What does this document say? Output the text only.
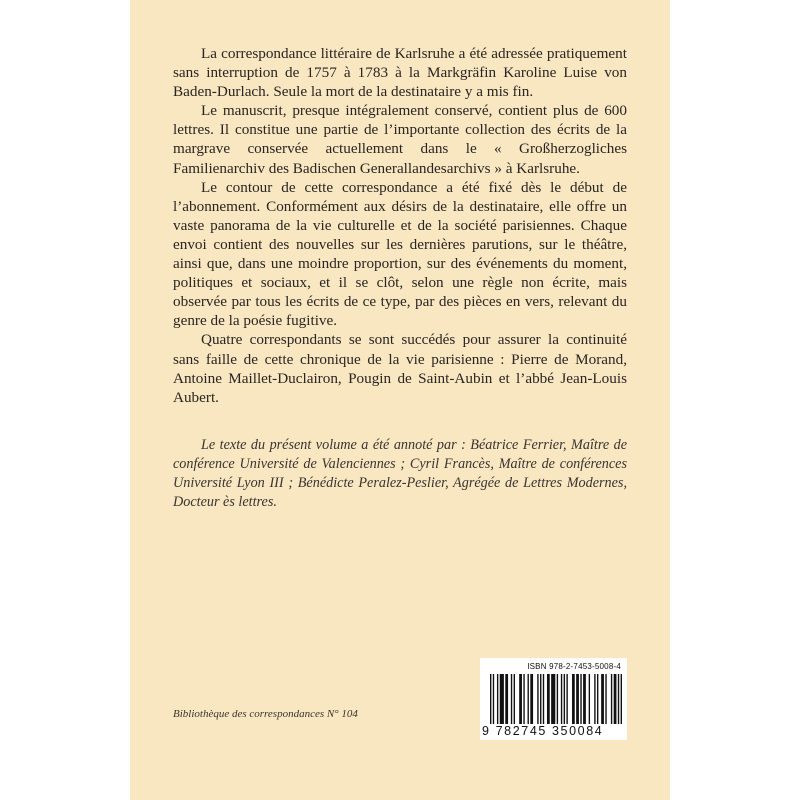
La correspondance littéraire de Karlsruhe a été adressée pratiquement sans interruption de 1757 à 1783 à la Markgräfin Karoline Luise von Baden-Durlach. Seule la mort de la destinataire y a mis fin.

Le manuscrit, presque intégralement conservé, contient plus de 600 lettres. Il constitue une partie de l’importante collection des écrits de la margrave conservée actuellement dans le « Großherzogliches Familienarchiv des Badischen Generallandesarchivs » à Karlsruhe.

Le contour de cette correspondance a été fixé dès le début de l’abonnement. Conformément aux désirs de la destinataire, elle offre un vaste panorama de la vie culturelle et de la société parisiennes. Chaque envoi contient des nouvelles sur les dernières parutions, sur le théâtre, ainsi que, dans une moindre proportion, sur des événements du moment, politiques et sociaux, et il se clôt, selon une règle non écrite, mais observée par tous les écrits de ce type, par des pièces en vers, relevant du genre de la poésie fugitive.

Quatre correspondants se sont succédés pour assurer la continuité sans faille de cette chronique de la vie parisienne : Pierre de Morand, Antoine Maillet-Duclairon, Pougin de Saint-Aubin et l’abbé Jean-Louis Aubert.

Le texte du présent volume a été annoté par : Béatrice Ferrier, Maître de conférence Université de Valenciennes ; Cyril Francès, Maître de conférences Université Lyon III ; Bénédicte Peralez-Peslier, Agrégée de Lettres Modernes, Docteur ès lettres.

Bibliothèque des correspondances N° 104
ISBN 978-2-7453-5008-4
9 782745 350084
